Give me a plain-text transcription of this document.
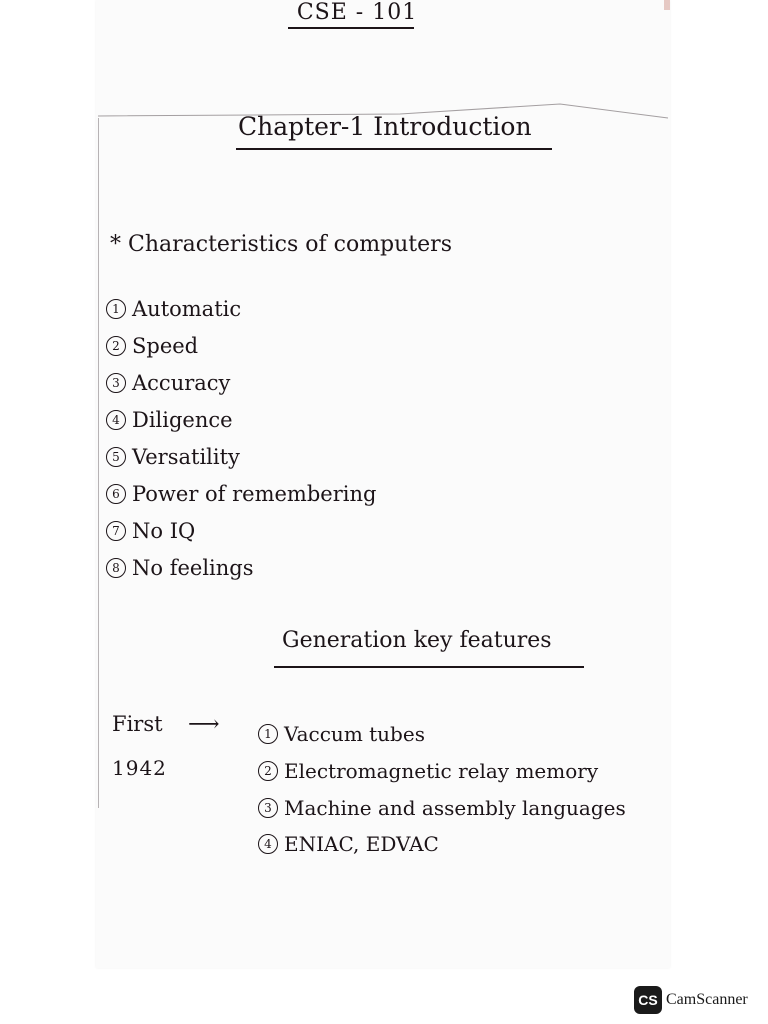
CSE - 101
Chapter-1 Introduction
* Characteristics of computers
1 Automatic
2 Speed
3 Accuracy
4 Diligence
5 Versatility
6 Power of remembering
7 No IQ
8 No feelings
Generation key features
First ⟶
1942
1 Vaccum tubes
2 Electromagnetic relay memory
3 Machine and assembly languages
4 ENIAC, EDVAC
CS CamScanner
